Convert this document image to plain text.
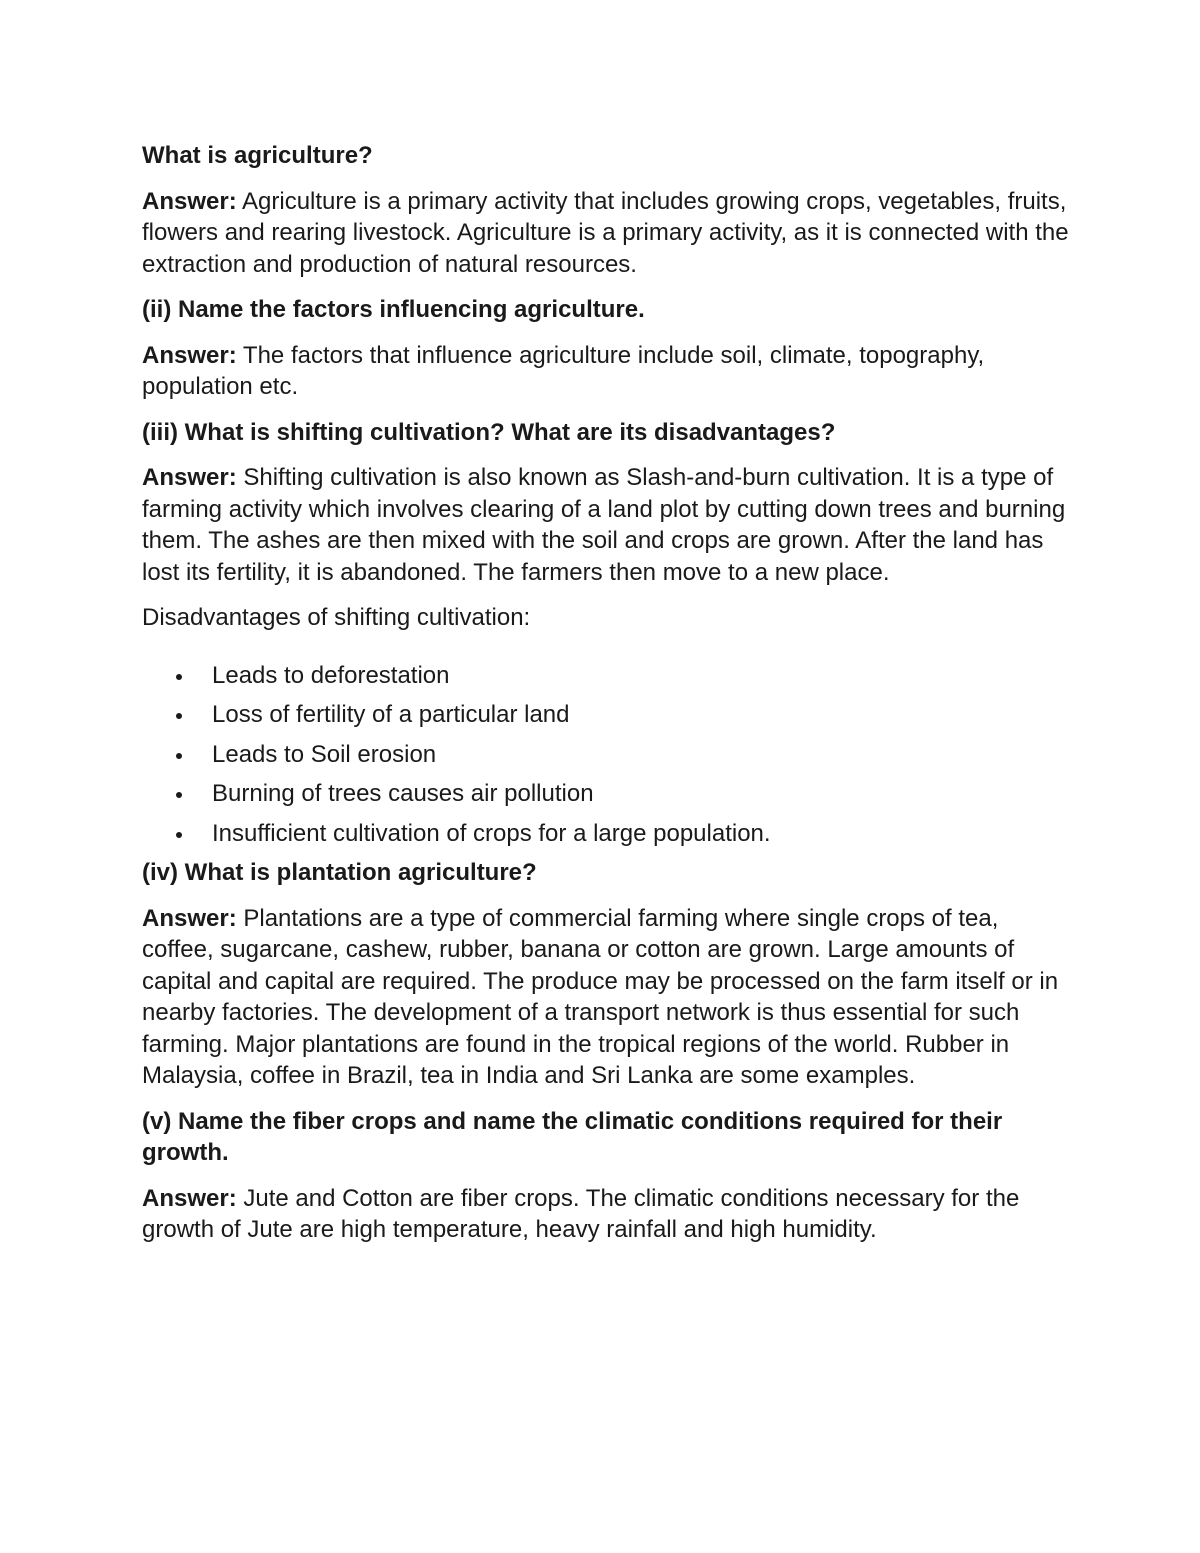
What is agriculture?

Answer: Agriculture is a primary activity that includes growing crops, vegetables, fruits, flowers and rearing livestock. Agriculture is a primary activity, as it is connected with the extraction and production of natural resources.

(ii) Name the factors influencing agriculture.

Answer: The factors that influence agriculture include soil, climate, topography, population etc.

(iii) What is shifting cultivation? What are its disadvantages?

Answer: Shifting cultivation is also known as Slash-and-burn cultivation. It is a type of farming activity which involves clearing of a land plot by cutting down trees and burning them. The ashes are then mixed with the soil and crops are grown. After the land has lost its fertility, it is abandoned. The farmers then move to a new place.

Disadvantages of shifting cultivation:

Leads to deforestation
Loss of fertility of a particular land
Leads to Soil erosion
Burning of trees causes air pollution
Insufficient cultivation of crops for a large population.

(iv) What is plantation agriculture?

Answer: Plantations are a type of commercial farming where single crops of tea, coffee, sugarcane, cashew, rubber, banana or cotton are grown. Large amounts of capital and capital are required. The produce may be processed on the farm itself or in nearby factories. The development of a transport network is thus essential for such farming. Major plantations are found in the tropical regions of the world. Rubber in Malaysia, coffee in Brazil, tea in India and Sri Lanka are some examples.

(v) Name the fiber crops and name the climatic conditions required for their growth.

Answer: Jute and Cotton are fiber crops. The climatic conditions necessary for the growth of Jute are high temperature, heavy rainfall and high humidity.
